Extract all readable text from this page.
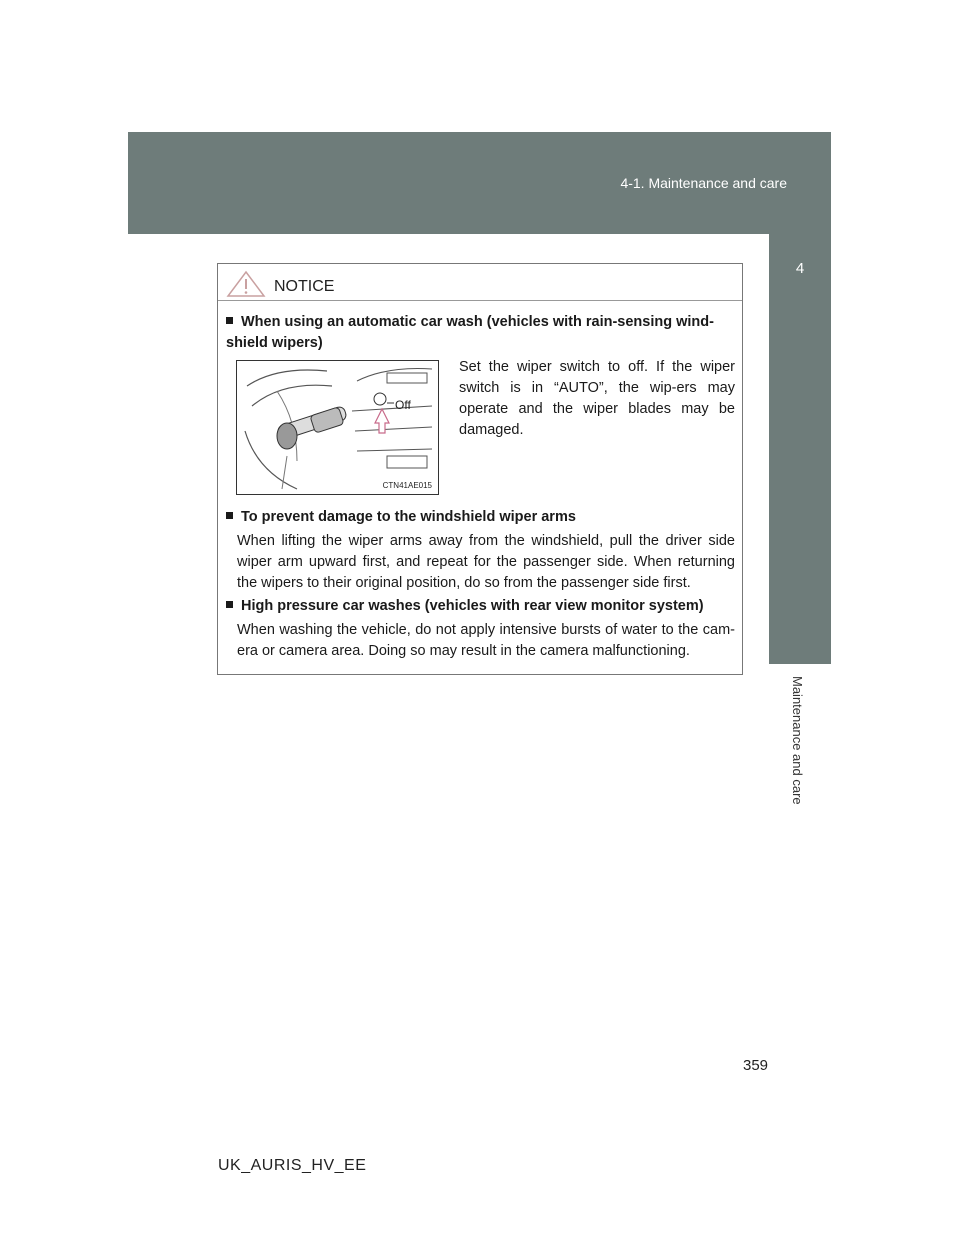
4-1. Maintenance and care
4
Maintenance and care
NOTICE
When using an automatic car wash (vehicles with rain-sensing wind-shield wipers)
Off
CTN41AE015
Set the wiper switch to off. If the wiper switch is in “AUTO”, the wip-ers may operate and the wiper blades may be damaged.
To prevent damage to the windshield wiper arms
When lifting the wiper arms away from the windshield, pull the driver side wiper arm upward first, and repeat for the passenger side. When returning the wipers to their original position, do so from the passenger side first.
High pressure car washes (vehicles with rear view monitor system)
When washing the vehicle, do not apply intensive bursts of water to the cam-era or camera area. Doing so may result in the camera malfunctioning.
359
UK_AURIS_HV_EE
